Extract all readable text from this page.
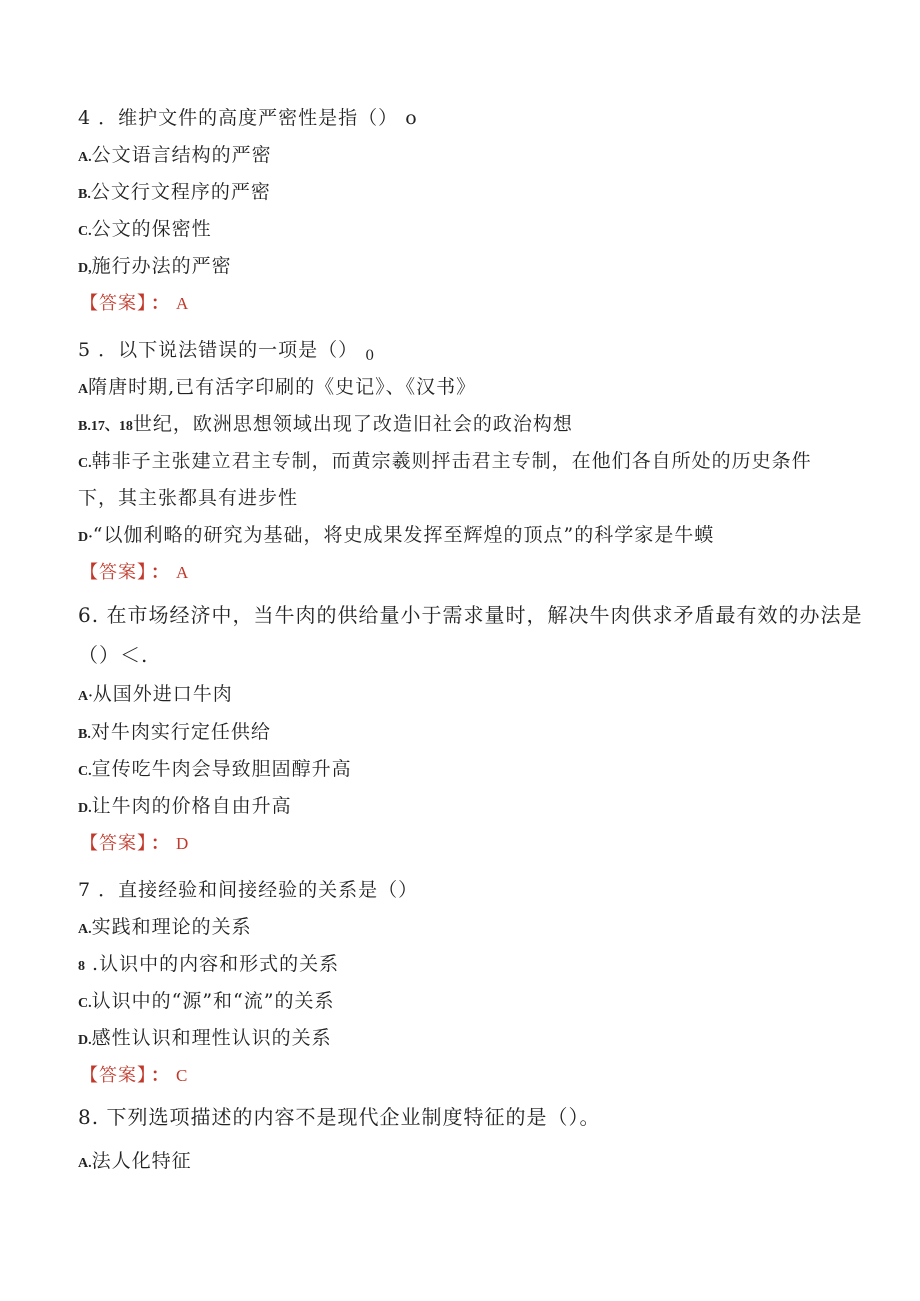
4 ．维护文件的高度严密性是指（） o
A.公文语言结构的严密
B.公文行文程序的严密
C.公文的保密性
D,施行办法的严密
【答案】 ： A
5 ．以下说法错误的一项是（） $_0$
A隋唐时期,已有活字印刷的《史记》、《汉书》
B.17、18世纪，欧洲思想领域出现了改造旧社会的政治构想
C.韩非子主张建立君主专制，而黄宗羲则抨击君主专制，在他们各自所处的历史条件
下，其主张都具有进步性
D·“以伽利略的研究为基础，将史成果发挥至辉煌的顶点”的科学家是牛蟆
【答案】 ： A
6. 在市场经济中，当牛肉的供给量小于需求量时，解决牛肉供求矛盾最有效的办法是
（）＜.
A·从国外进口牛肉
B.对牛肉实行定任供给
C.宣传吃牛肉会导致胆固醇升高
D.让牛肉的价格自由升高
【答案】 ： D
7 ．直接经验和间接经验的关系是（）
A.实践和理论的关系
8 .认识中的内容和形式的关系
C.认识中的“源”和“流”的关系
D.感性认识和理性认识的关系
【答案】 ： C
8. 下列选项描述的内容不是现代企业制度特征的是（）。
A.法人化特征
